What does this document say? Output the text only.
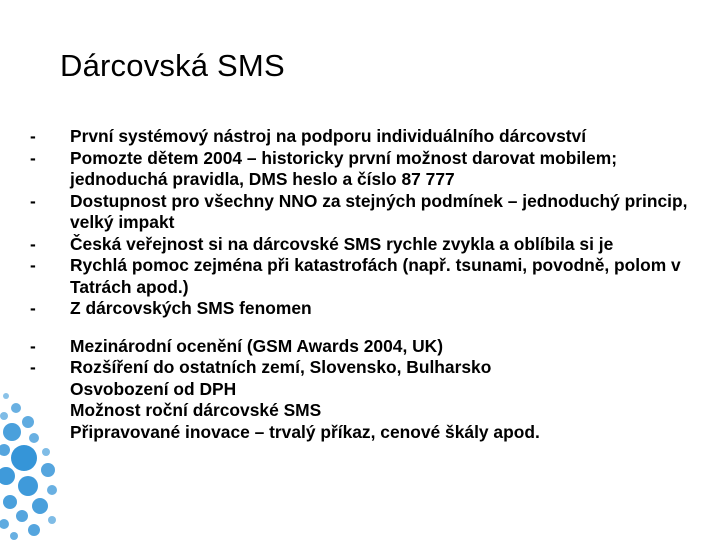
Dárcovská SMS
-	První systémový nástroj na podporu individuálního dárcovství
-	Pomozte dětem 2004 – historicky první možnost darovat mobilem; jednoduchá pravidla, DMS heslo a číslo 87 777
-	Dostupnost pro všechny NNO za stejných podmínek – jednoduchý princip, velký impakt
-	Česká veřejnost si na dárcovské SMS rychle zvykla a oblíbila si je
-	Rychlá pomoc zejména při katastrofách (např. tsunami, povodně, polom v Tatrách apod.)
-	Z dárcovských SMS fenomen
-	Mezinárodní ocenění (GSM Awards 2004, UK)
-	Rozšíření do ostatních zemí, Slovensko, Bulharsko
Osvobození od DPH
Možnost roční dárcovské SMS
Připravované inovace – trvalý příkaz, cenové škály apod.
